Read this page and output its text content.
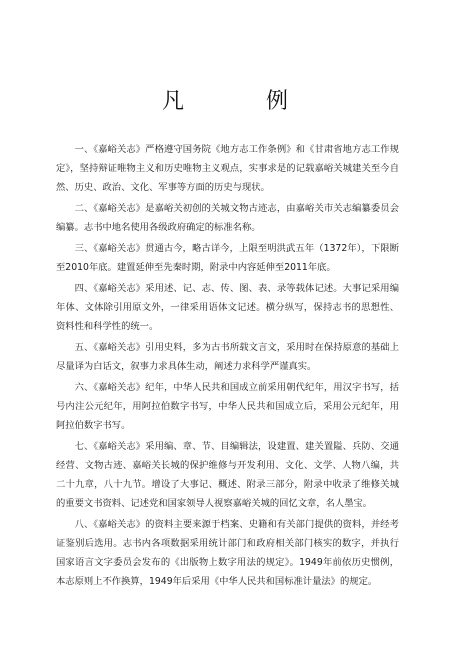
凡　例

一、《嘉峪关志》严格遵守国务院《地方志工作条例》和《甘肃省地方志工作规定》，坚持辩证唯物主义和历史唯物主义观点，实事求是的记载嘉峪关城建关至今自然、历史、政治、文化、军事等方面的历史与现状。

二、《嘉峪关志》是嘉峪关初创的关城文物古迹志，由嘉峪关市关志编纂委员会编纂。志书中地名使用各级政府确定的标准名称。

三、《嘉峪关志》贯通古今，略古详今，上限至明洪武五年（1372年），下限断至2010年底。建置延伸至先秦时期，附录中内容延伸至2011年底。

四、《嘉峪关志》采用述、记、志、传、图、表、录等载体记述。大事记采用编年体、文体除引用原文外，一律采用语体文记述。横分纵写，保持志书的思想性、资料性和科学性的统一。

五、《嘉峪关志》引用史料，多为古书所载文言文，采用时在保持原意的基础上尽量译为白话文，叙事力求具体生动，阐述力求科学严谨真实。

六、《嘉峪关志》纪年，中华人民共和国成立前采用朝代纪年，用汉字书写，括号内注公元纪年，用阿拉伯数字书写，中华人民共和国成立后，采用公元纪年，用阿拉伯数字书写。

七、《嘉峪关志》采用编、章、节、目编辑法，设建置、建关置隘、兵防、交通经营、文物古迹、嘉峪关长城的保护维修与开发利用、文化、文学、人物八编，共二十九章，八十九节。增设了大事记、概述、附录三部分，附录中收录了维修关城的重要文书资料、记述党和国家领导人视察嘉峪关城的回忆文章，名人墨宝。

八、《嘉峪关志》的资料主要来源于档案、史籍和有关部门提供的资料，并经考证鉴别后选用。志书内各项数据采用统计部门和政府相关部门核实的数字，并执行国家语言文字委员会发布的《出版物上数字用法的规定》。1949年前依历史惯例，本志原则上不作换算，1949年后采用《中华人民共和国标准计量法》的规定。
